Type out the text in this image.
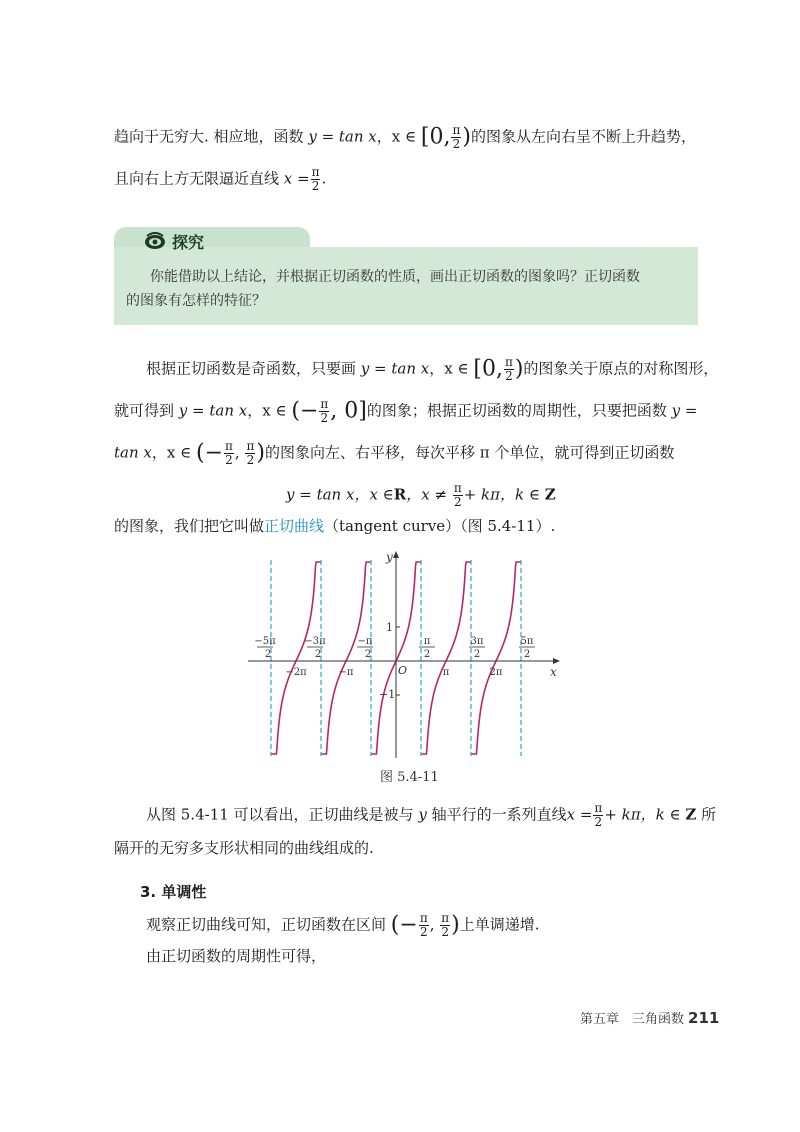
趋向于无穷大. 相应地，函数 y = tan x，x ∈ [0, $\frac{\pi}{2}$ )的图象从左向右呈不断上升趋势，
且向右上方无限逼近直线 $x = \frac{\pi}{2}$ .
探究
你能借助以上结论，并根据正切函数的性质，画出正切函数的图象吗？正切函数
的图象有怎样的特征？
根据正切函数是奇函数，只要画 y = tan x，x ∈ [0, $\frac{\pi}{2}$ )的图象关于原点的对称图形，
就可得到 y = tan x，x ∈ (− $\frac{\pi}{2}$ , 0]的图象；根据正切函数的周期性，只要把函数 y =
tan x，x ∈ (− $\frac{\pi}{2}$ , $\frac{\pi}{2}$ )的图象向左、右平移，每次平移 π 个单位，就可得到正切函数
y = tan x，x ∈R，$x \ne \frac{\pi}{2} + k\pi$，k ∈ Z
的图象，我们把它叫做正切曲线（tangent curve）（图 5.4-11）.
y
x
O
1
−1
−5π
2
−3π
2
−π
2
π
2
3π
2
5π
2
−2π	−π	π	2π
图 5.4-11
从图 5.4-11 可以看出，正切曲线是被与 y 轴平行的一系列直线$x = \frac{\pi}{2} + k\pi$，k ∈ Z 所
隔开的无穷多支形状相同的曲线组成的.
3. 单调性
观察正切曲线可知，正切函数在区间 (− $\frac{\pi}{2}$ , $\frac{\pi}{2}$ )上单调递增.
由正切函数的周期性可得，
第五章　三角函数 211
